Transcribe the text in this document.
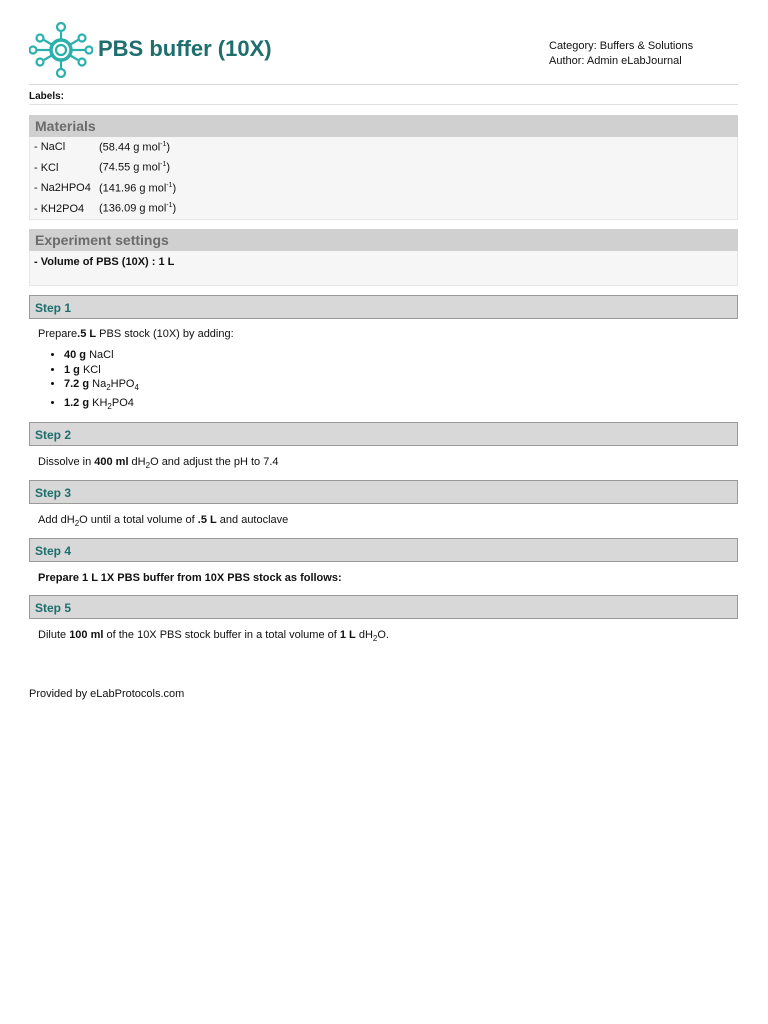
PBS buffer (10X)	Category: Buffers & Solutions
Author: Admin eLabJournal
Labels:
Materials
- NaCl	(58.44 g mol$^{-1}$)
- KCl	(74.55 g mol$^{-1}$)
- Na2HPO4 (141.96 g mol$^{-1}$)
- KH2PO4	(136.09 g mol$^{-1}$)
Experiment settings
- Volume of PBS (10X) : 1 L
Step 1
Prepare.5 L PBS stock (10X) by adding:
• 40 g NaCl
• 1 g KCl
• 7.2 g $Na_2HPO_4$
• 1.2 g $KH_2PO4$
Step 2
Dissolve in 400 ml $dH_2O$ and adjust the pH to 7.4
Step 3
Add $dH_2O$ until a total volume of .5 L and autoclave
Step 4
Prepare 1 L 1X PBS buffer from 10X PBS stock as follows:
Step 5
Dilute 100 ml of the 10X PBS stock buffer in a total volume of 1 L $dH_2O$.
Provided by eLabProtocols.com
